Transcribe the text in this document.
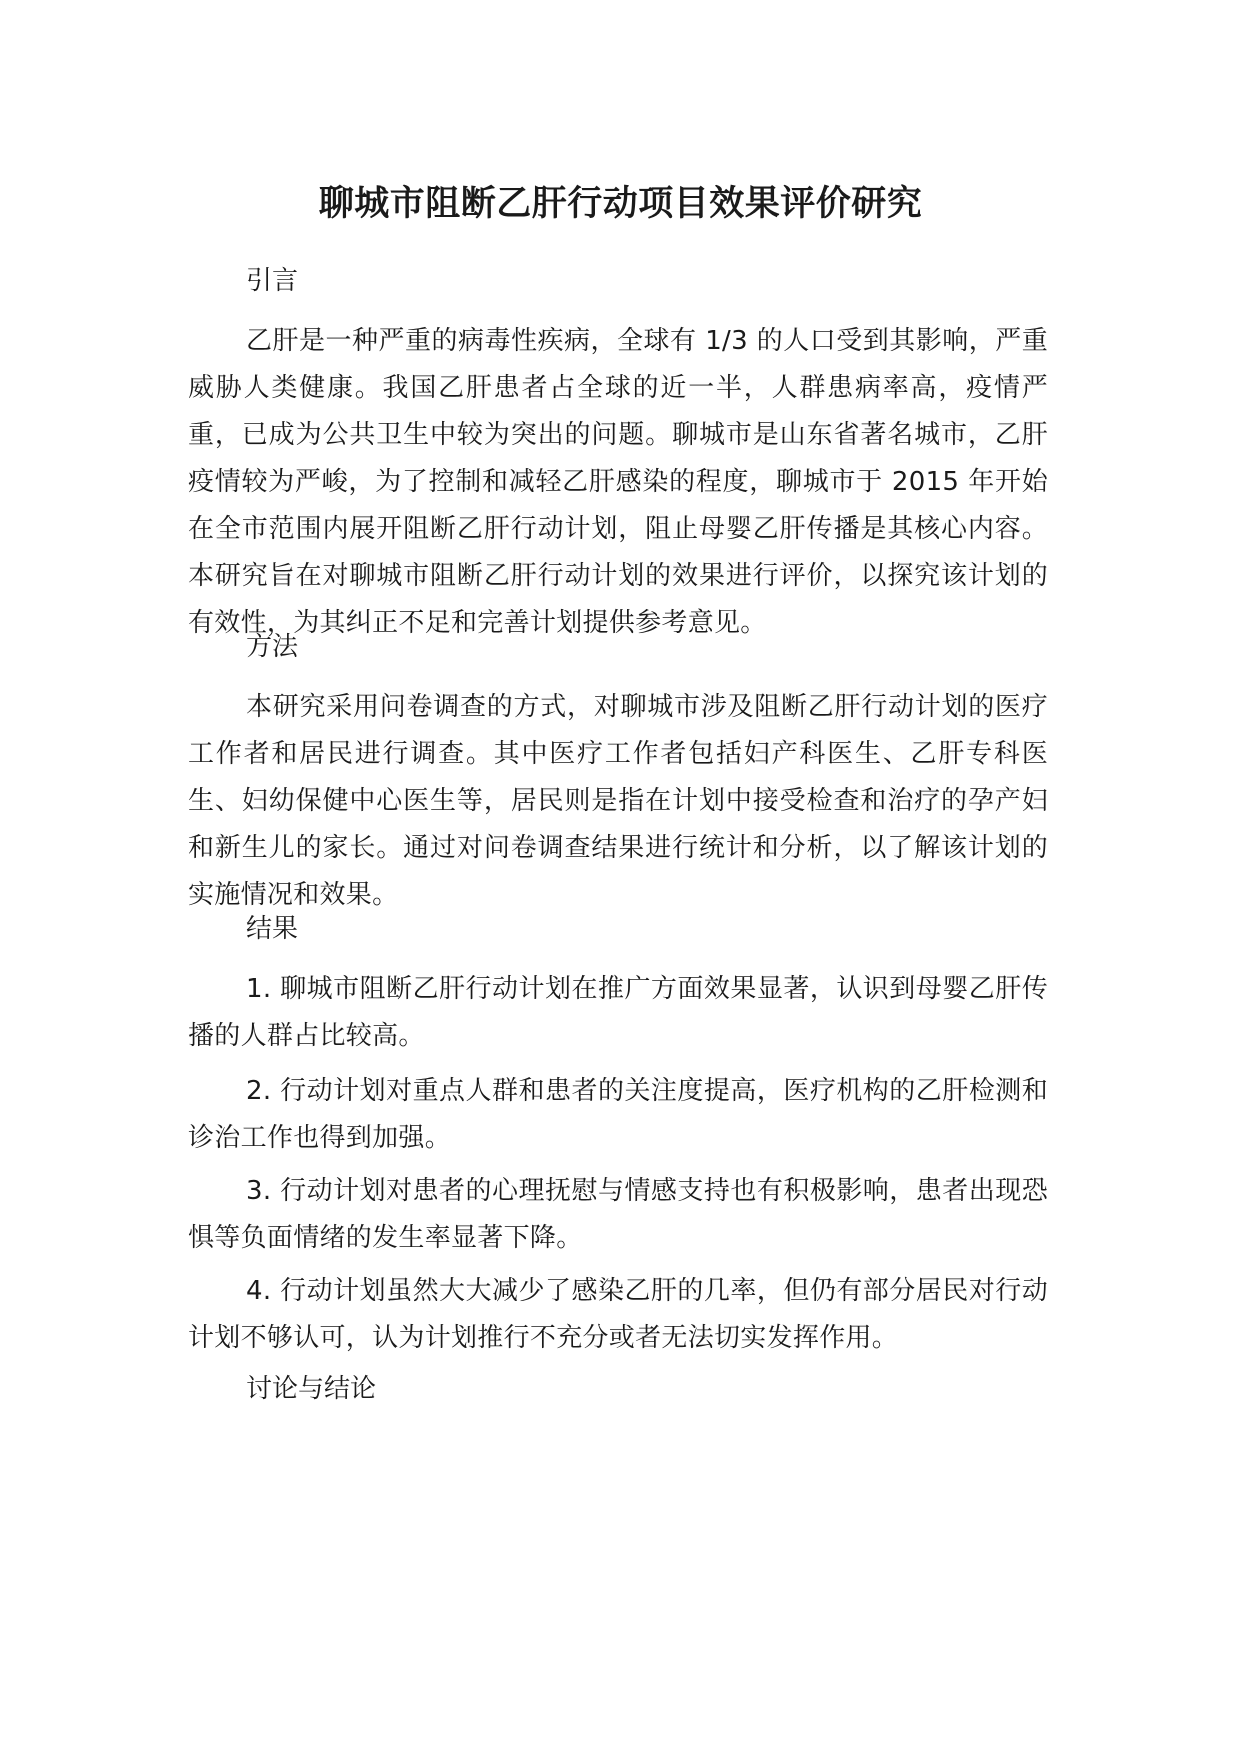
聊城市阻断乙肝行动项目效果评价研究
引言

乙肝是一种严重的病毒性疾病，全球有 1/3 的人口受到其影响，严重威胁人类健康。我国乙肝患者占全球的近一半，人群患病率高，疫情严重，已成为公共卫生中较为突出的问题。聊城市是山东省著名城市，乙肝疫情较为严峻，为了控制和减轻乙肝感染的程度，聊城市于 2015 年开始在全市范围内展开阻断乙肝行动计划，阻止母婴乙肝传播是其核心内容。本研究旨在对聊城市阻断乙肝行动计划的效果进行评价，以探究该计划的有效性，为其纠正不足和完善计划提供参考意见。

方法

本研究采用问卷调查的方式，对聊城市涉及阻断乙肝行动计划的医疗工作者和居民进行调查。其中医疗工作者包括妇产科医生、乙肝专科医生、妇幼保健中心医生等，居民则是指在计划中接受检查和治疗的孕产妇和新生儿的家长。通过对问卷调查结果进行统计和分析，以了解该计划的实施情况和效果。

结果

1. 聊城市阻断乙肝行动计划在推广方面效果显著，认识到母婴乙肝传播的人群占比较高。

2. 行动计划对重点人群和患者的关注度提高，医疗机构的乙肝检测和诊治工作也得到加强。

3. 行动计划对患者的心理抚慰与情感支持也有积极影响，患者出现恐惧等负面情绪的发生率显著下降。

4. 行动计划虽然大大减少了感染乙肝的几率，但仍有部分居民对行动计划不够认可，认为计划推行不充分或者无法切实发挥作用。

讨论与结论
